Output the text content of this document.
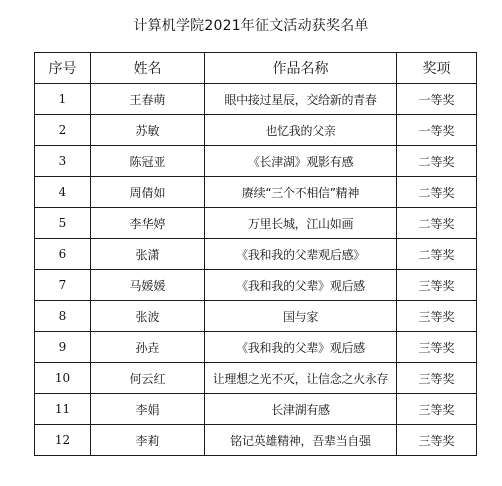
计算机学院2021年征文活动获奖名单
序号	姓名	作品名称	奖项
1	王春萌	眼中接过星辰，交给新的青春	一等奖
2	苏敏	也忆我的父亲	一等奖
3	陈冠亚	《长津湖》观影有感	二等奖
4	周倩如	赓续“三个不相信”精神	二等奖
5	李华婷	万里长城，江山如画	二等奖
6	张潇	《我和我的父辈观后感》	二等奖
7	马媛媛	《我和我的父辈》观后感	三等奖
8	张波	国与家	三等奖
9	孙垚	《我和我的父辈》观后感	三等奖
10	何云红	让理想之光不灭，让信念之火永存	三等奖
11	李娟	长津湖有感	三等奖
12	李莉	铭记英雄精神，吾辈当自强	三等奖
